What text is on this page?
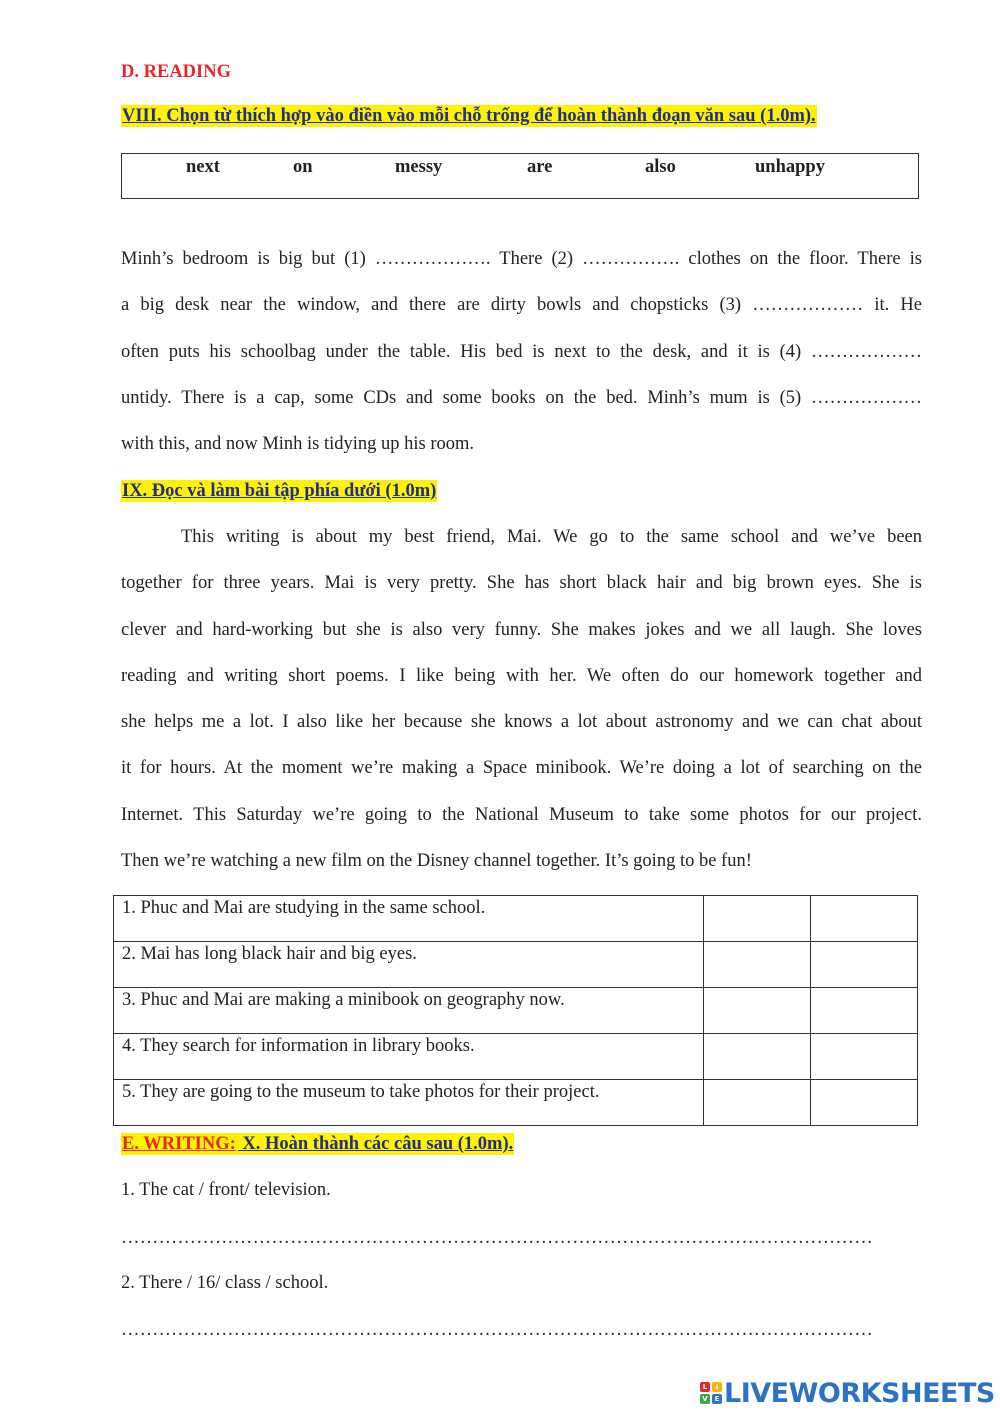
D. READING
VIII. Chọn từ thích hợp vào điền vào mỗi chỗ trống để hoàn thành đoạn văn sau (1.0m).
next	on	messy	are	also	unhappy

Minh’s bedroom is big but (1) ………………. There (2) ……………. clothes on the floor. There is

a big desk near the window, and there are dirty bowls and chopsticks (3) ……………… it. He

often puts his schoolbag under the table. His bed is next to the desk, and it is (4) ………………

untidy. There is a cap, some CDs and some books on the bed. Minh’s mum is (5) ………………

with this, and now Minh is tidying up his room.

IX. Đọc và làm bài tập phía dưới (1.0m)

This writing is about my best friend, Mai. We go to the same school and we’ve been

together for three years. Mai is very pretty. She has short black hair and big brown eyes. She is

clever and hard-working but she is also very funny. She makes jokes and we all laugh. She loves

reading and writing short poems. I like being with her. We often do our homework together and

she helps me a lot. I also like her because she knows a lot about astronomy and we can chat about

it for hours. At the moment we’re making a Space minibook. We’re doing a lot of searching on the

Internet. This Saturday we’re going to the National Museum to take some photos for our project.

Then we’re watching a new film on the Disney channel together. It’s going to be fun!

1. Phuc and Mai are studying in the same school.		
2. Mai has long black hair and big eyes.		
3. Phuc and Mai are making a minibook on geography now.		
4. They search for information in library books.		
5. They are going to the museum to take photos for their project.		
E. WRITING: X. Hoàn thành các câu sau (1.0m).
1. The cat / front/ television.
…………………………………………………………………………………………………………
2. There / 16/ class / school.
…………………………………………………………………………………………………………
L	I
V E LIVEWORKSHEETS
